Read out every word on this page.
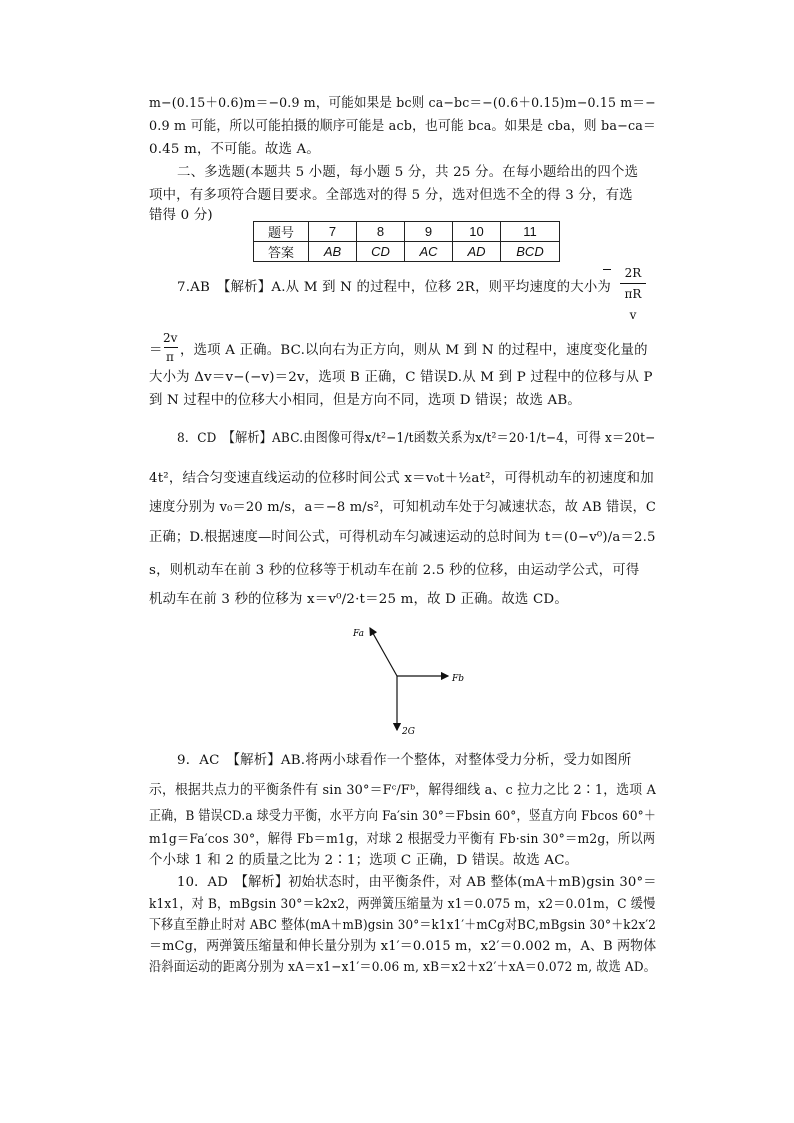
m−(0.15＋0.6)m＝−0.9 m，可能如果是 bc则 ca−bc＝−(0.6＋0.15)m−0.15 m＝−
0.9 m 可能，所以可能拍摄的顺序可能是 acb，也可能 bca。如果是 cba，则 ba−ca＝
0.45 m，不可能。故选 A。
二、多选题(本题共 5 小题，每小题 5 分，共 25 分。在每小题给出的四个选
项中，有多项符合题目要求。全部选对的得 5 分，选对但选不全的得 3 分，有选
错得 0 分)
题号	7	8	9	10	11
答案	AB	CD	AC	AD	BCD
7.AB　【解析】A.从 M 到 N 的过程中，位移 2R，则平均速度的大小为
2R
πR
v
＝
2v
π ，选项 A 正确。BC.以向右为正方向，则从 M 到 N 的过程中，速度变化量的
大小为 Δv＝v−(−v)＝2v，选项 B 正确，C 错误D.从 M 到 P 过程中的位移与从 P
到 N 过程中的位移大小相同，但是方向不同，选项 D 错误；故选 AB。
8．CD　【解析】ABC.由图像可得x/t²−1/t函数关系为x/t²＝20·1/t−4，可得 x＝20t−
4t²，结合匀变速直线运动的位移时间公式 x＝v₀t＋½at²，可得机动车的初速度和加
速度分别为 v₀＝20 m/s，a＝−8 m/s²，可知机动车处于匀减速状态，故 AB 错误，C
正确；D.根据速度—时间公式，可得机动车匀减速运动的总时间为 t＝(0−v⁰)/a＝2.5
s，则机动车在前 3 秒的位移等于机动车在前 2.5 秒的位移，由运动学公式，可得
机动车在前 3 秒的位移为 x＝v⁰/2·t＝25 m，故 D 正确。故选 CD。
Fa
Fb
2G
9．AC　【解析】AB.将两小球看作一个整体，对整体受力分析，受力如图所
示，根据共点力的平衡条件有 sin 30°＝Fᶜ/Fᵇ，解得细线 a、c 拉力之比 2∶1，选项 A
正确，B 错误CD.a 球受力平衡，水平方向 Fa′sin 30°＝Fbsin 60°，竖直方向 Fbcos 60°＋
m1g＝Fa′cos 30°，解得 Fb＝m1g，对球 2 根据受力平衡有 Fb·sin 30°＝m2g，所以两
个小球 1 和 2 的质量之比为 2∶1；选项 C 正确，D 错误。故选 AC。
10．AD　【解析】初始状态时，由平衡条件，对 AB 整体(mA＋mB)gsin 30°＝
k1x1，对 B，mBgsin 30°＝k2x2，两弹簧压缩量为 x1＝0.075 m，x2＝0.01m，C 缓慢
下移直至静止时对 ABC 整体(mA＋mB)gsin 30°＝k1x1′＋mCg对BC,mBgsin 30°＋k2x′2
＝mCg，两弹簧压缩量和伸长量分别为 x1′＝0.015 m，x2′＝0.002 m，A、B 两物体
沿斜面运动的距离分别为 xA＝x1−x1′＝0.06 m, xB＝x2＋x2′＋xA＝0.072 m, 故选 AD。
